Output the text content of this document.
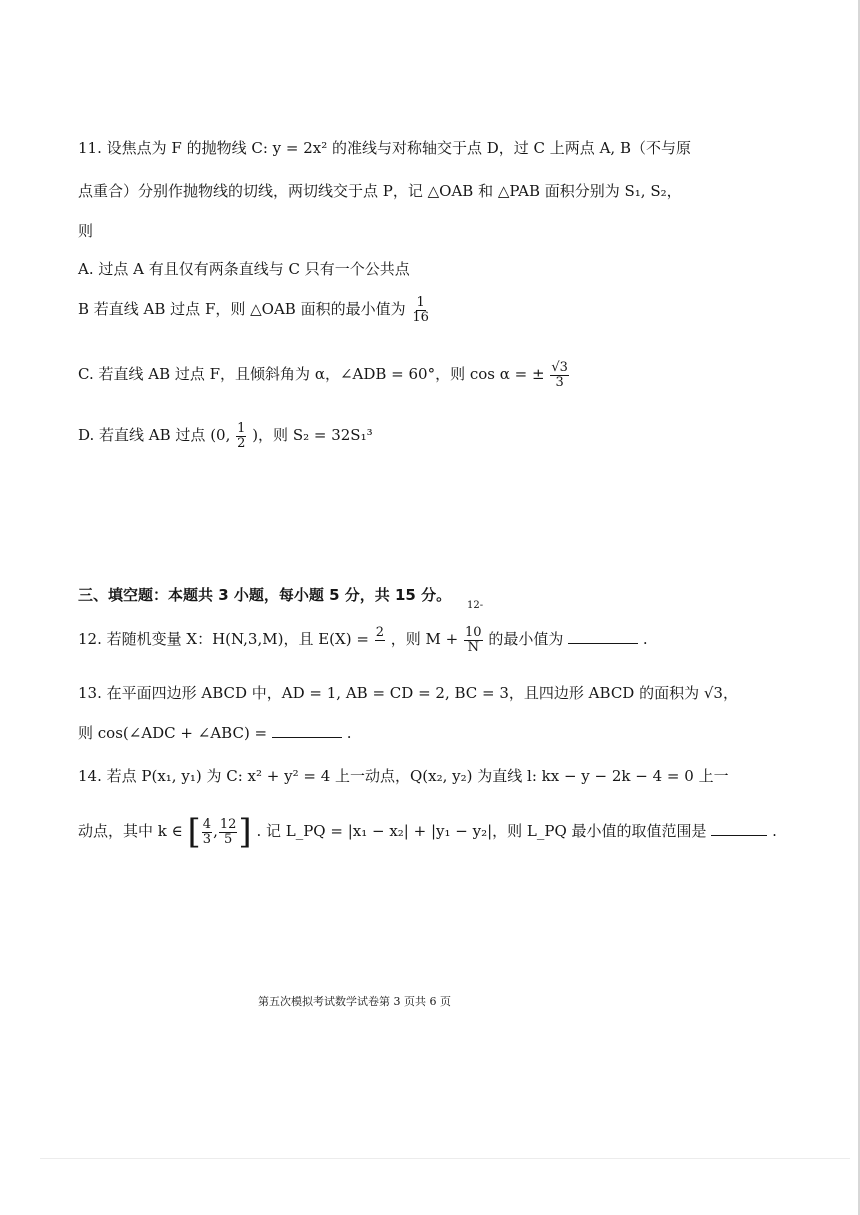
11. 设焦点为 F 的抛物线 C: y = 2x² 的准线与对称轴交于点 D，过 C 上两点 A, B（不与原
点重合）分别作抛物线的切线，两切线交于点 P，记 △OAB 和 △PAB 面积分别为 S₁, S₂，
则
A. 过点 A 有且仅有两条直线与 C 只有一个公共点
B 若直线 AB 过点 F，则 △OAB 面积的最小值为 $\frac{1}{16}$
C. 若直线 AB 过点 F，且倾斜角为 α，∠ADB = 60°，则 cos α = ± $\frac{√3}{3}$
D. 若直线 AB 过点 (0, $\frac{1}{2}$ )，则 S₂ = 32S₁³
三、填空题：本题共 3 小题，每小题 5 分，共 15 分。
12-
12. 若随机变量 X：H(N,3,M)，且 E(X) = 2
，则 $M + \frac{10}{N}$ 的最小值为	.
13. 在平面四边形 ABCD 中，AD = 1, AB = CD = 2, BC = 3，且四边形 ABCD 的面积为 √3，
则 cos(∠ADC + ∠ABC) =	.
14. 若点 P(x₁, y₁) 为 C: x² + y² = 4 上一动点，Q(x₂, y₂) 为直线 l: kx − y − 2k − 4 = 0 上一
动点，其中 k ∈ [ $\frac{4}{3}$ , $\frac{12}{5}$ ] . 记 L_PQ = |x₁ − x₂| + |y₁ − y₂|，则 L_PQ 最小值的取值范围是	.
第五次模拟考试数学试卷第 3 页共 6 页
